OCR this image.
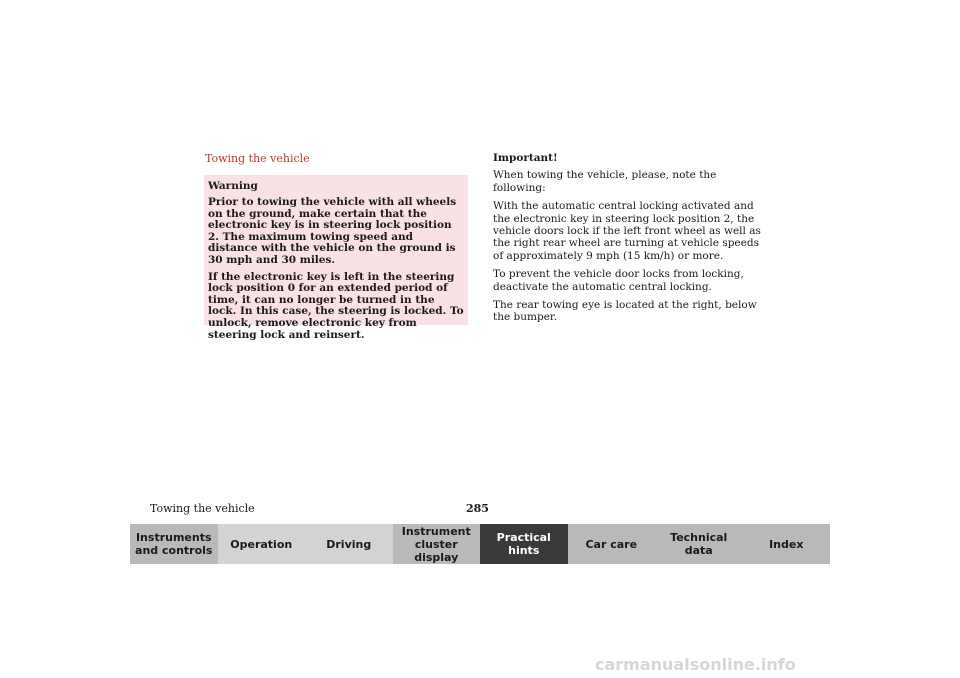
Towing the vehicle
Warning

Prior to towing the vehicle with all wheels on the ground, make certain that the electronic key is in steering lock position 2. The maximum towing speed and distance with the vehicle on the ground is 30 mph and 30 miles.

If the electronic key is left in the steering lock position 0 for an extended period of time, it can no longer be turned in the lock. In this case, the steering is locked. To unlock, remove electronic key from steering lock and reinsert.

Important!

When towing the vehicle, please, note the following:

With the automatic central locking activated and the electronic key in steering lock position 2, the vehicle doors lock if the left front wheel as well as the right rear wheel are turning at vehicle speeds of approximately 9 mph (15 km/h) or more.

To prevent the vehicle door locks from locking, deactivate the automatic central locking.

The rear towing eye is located at the right, below the bumper.

Towing the vehicle	285
Instruments
and controls	Operation	Driving
Instrument
cluster display
Practical hints	Car care	Technical
data	Index
carmanualsonline.info
